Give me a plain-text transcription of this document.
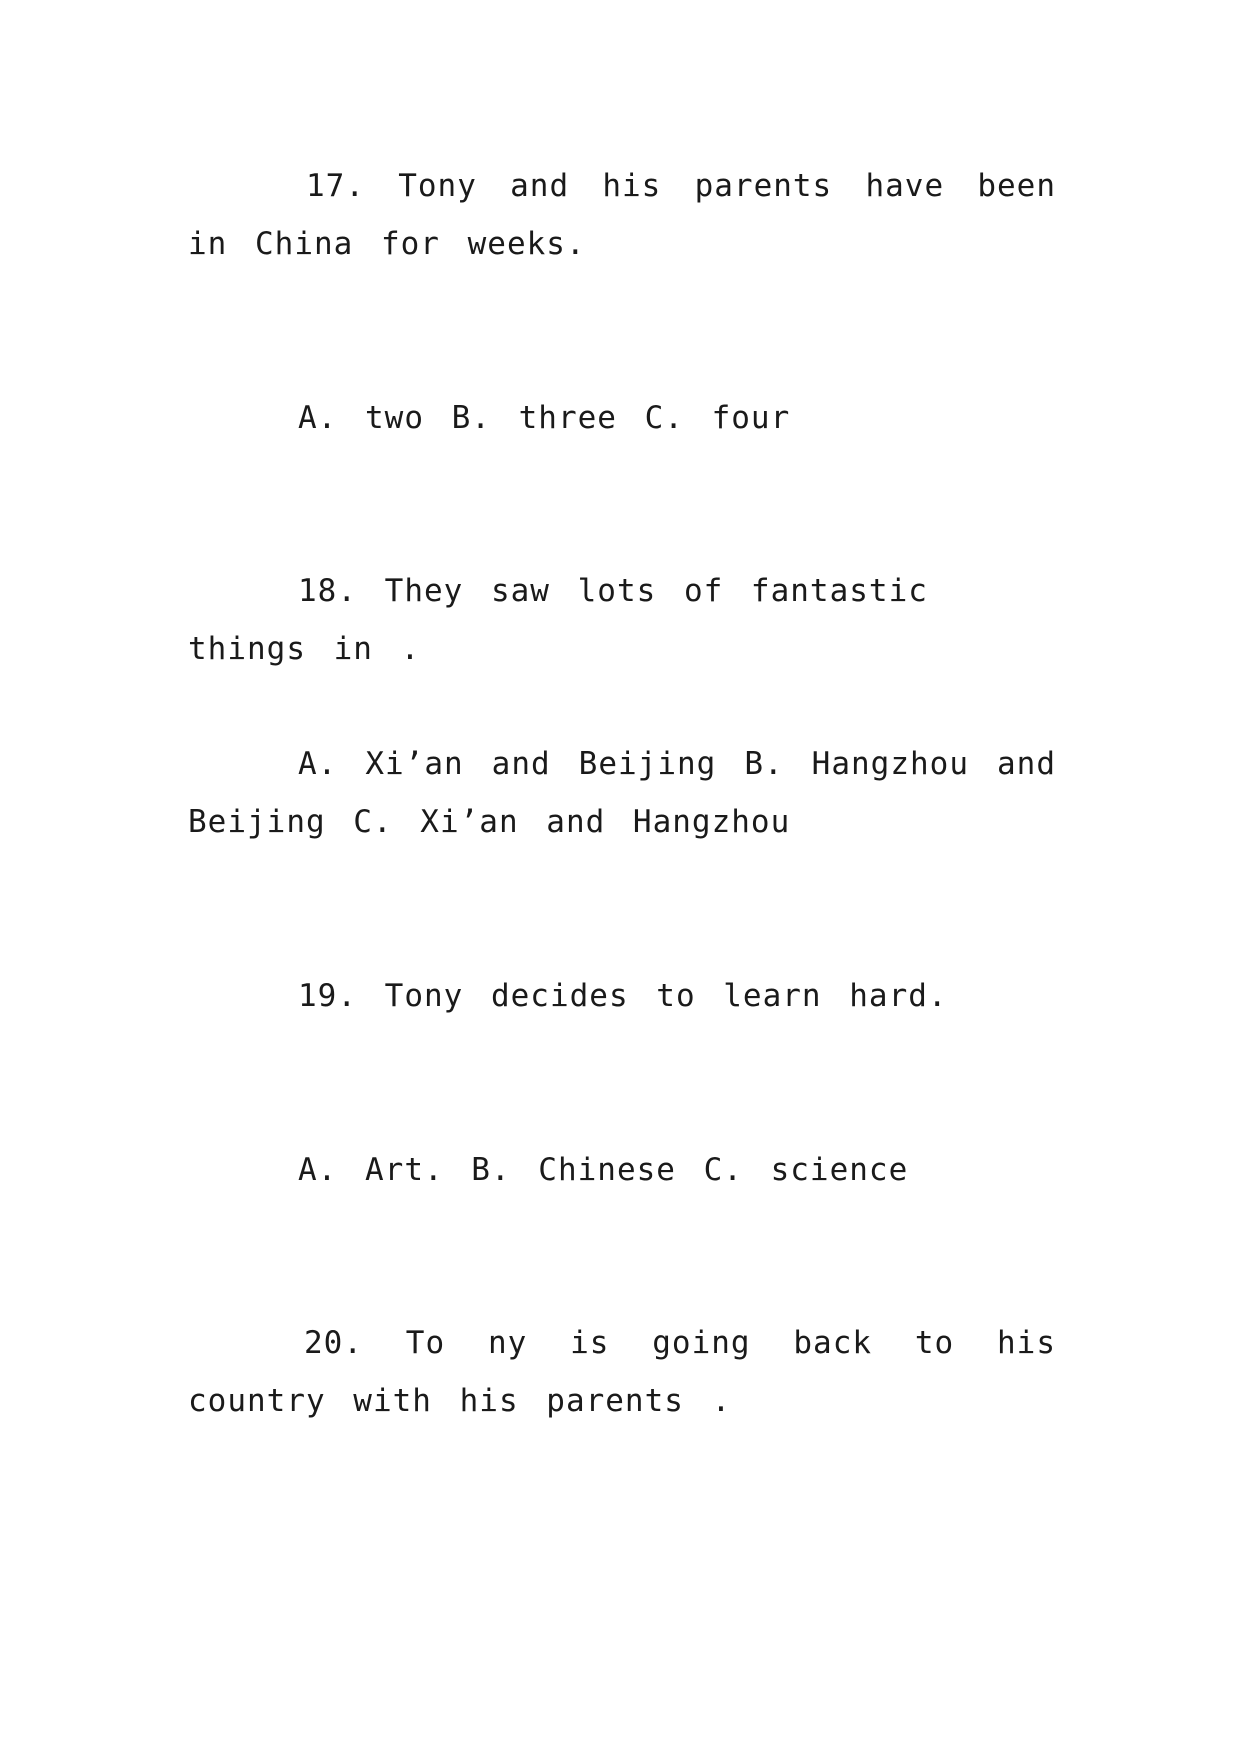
17. Tony and his parents have been in China for weeks.

A. two B. three C. four

18. They saw lots of fantastic things in .

A. Xi’an and Beijing B. Hangzhou and Beijing C. Xi’an and Hangzhou

19. Tony decides to learn hard.

A. Art. B. Chinese C. science

20. To ny is going back to his country with his parents .
